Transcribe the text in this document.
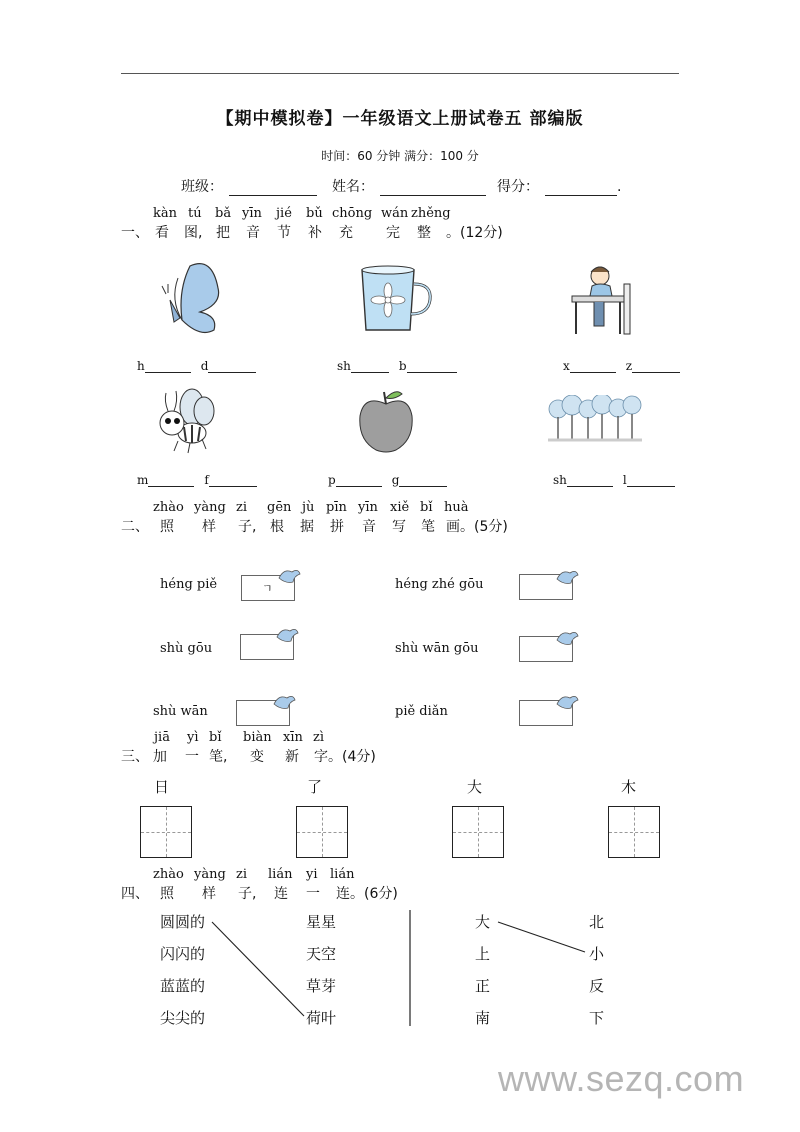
【期中模拟卷】一年级语文上册试卷五 部编版
时间：60 分钟 满分：100 分
班级：	姓名：	得分：	.
kàn tú bǎ yīn jié bǔ chōng wán zhěng
一、 看 图, 把 音 节 补 充 完 整 。(12分)
h	d	sh	b	x	z
m	f	p	g	sh	l
zhào yàng zi gēn jù pīn yīn xiě bǐ huà
二、 照 样 子, 根 据 拼 音 写 笔 画 。(5分)
héng piě	ㄱ	héng zhé gōu
shù gōu	shù wān gōu
shù wān	piě diǎn
jiā yì bǐ biàn xīn zì
三、 加 一 笔, 变 新 字 。(4分)
日	了	大	木
zhào yàng zi lián yi lián
四、 照 样 子, 连 一 连 。(6分)
圆圆的
闪闪的
蓝蓝的
尖尖的
星星
天空
草芽
荷叶
大
上
正
南
北
小
反
下
www.sezq.com
